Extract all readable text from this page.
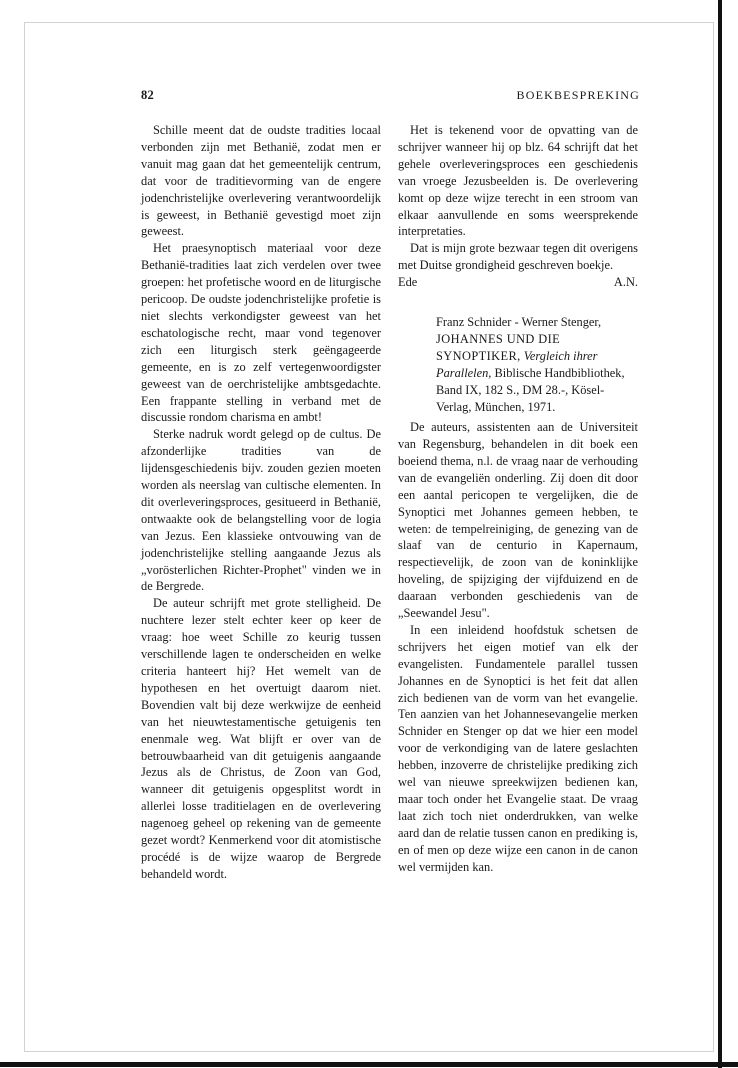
82	BOEKBESPREKING

Schille meent dat de oudste tradities locaal verbonden zijn met Bethanië, zodat men er vanuit mag gaan dat het gemeentelijk centrum, dat voor de traditievorming van de engere jodenchristelijke overlevering verantwoordelijk is geweest, in Bethanië gevestigd moet zijn geweest.

Het praesynoptisch materiaal voor deze Bethanië-tradities laat zich verdelen over twee groepen: het profetische woord en de liturgische pericoop. De oudste jodenchristelijke profetie is niet slechts verkondigster geweest van het eschatologische recht, maar vond tegenover zich een liturgisch sterk geëngageerde gemeente, en is zo zelf vertegenwoordigster geweest van de oerchristelijke ambtsgedachte. Een frappante stelling in verband met de discussie rondom charisma en ambt!

Sterke nadruk wordt gelegd op de cultus. De afzonderlijke tradities van de lijdensgeschiedenis bijv. zouden gezien moeten worden als neerslag van cultische elementen. In dit overleveringsproces, gesitueerd in Bethanië, ontwaakte ook de belangstelling voor de logia van Jezus. Een klassieke ontvouwing van de jodenchristelijke stelling aangaande Jezus als „vorösterlichen Richter-Prophet" vinden we in de Bergrede.

De auteur schrijft met grote stelligheid. De nuchtere lezer stelt echter keer op keer de vraag: hoe weet Schille zo keurig tussen verschillende lagen te onderscheiden en welke criteria hanteert hij? Het wemelt van de hypothesen en het overtuigt daarom niet. Bovendien valt bij deze werkwijze de eenheid van het nieuwtestamentische getuigenis ten enenmale weg. Wat blijft er over van de betrouwbaarheid van dit getuigenis aangaande Jezus als de Christus, de Zoon van God, wanneer dit getuigenis opgesplitst wordt in allerlei losse traditielagen en de overlevering nagenoeg geheel op rekening van de gemeente gezet wordt? Kenmerkend voor dit atomistische procédé is de wijze waarop de Bergrede behandeld wordt.

Het is tekenend voor de opvatting van de schrijver wanneer hij op blz. 64 schrijft dat het gehele overleveringsproces een geschiedenis van vroege Jezusbeelden is. De overlevering komt op deze wijze terecht in een stroom van elkaar aanvullende en soms weersprekende interpretaties.

Dat is mijn grote bezwaar tegen dit overigens met Duitse grondigheid geschreven boekje.

Ede	A.N.
Franz Schnider - Werner Stenger, JOHANNES UND DIE SYNOPTIKER, Vergleich ihrer Parallelen, Biblische Handbibliothek, Band IX, 182 S., DM 28.-, Kösel-Verlag, München, 1971.

De auteurs, assistenten aan de Universiteit van Regensburg, behandelen in dit boek een boeiend thema, n.l. de vraag naar de verhouding van de evangeliën onderling. Zij doen dit door een aantal pericopen te vergelijken, die de Synoptici met Johannes gemeen hebben, te weten: de tempelreiniging, de genezing van de slaaf van de centurio in Kapernaum, respectievelijk, de zoon van de koninklijke hoveling, de spijziging der vijfduizend en de daaraan verbonden geschiedenis van de „Seewandel Jesu".

In een inleidend hoofdstuk schetsen de schrijvers het eigen motief van elk der evangelisten. Fundamentele parallel tussen Johannes en de Synoptici is het feit dat allen zich bedienen van de vorm van het evangelie. Ten aanzien van het Johannesevangelie merken Schnider en Stenger op dat we hier een model voor de verkondiging van de latere geslachten hebben, inzoverre de christelijke prediking zich wel van nieuwe spreekwijzen bedienen kan, maar toch onder het Evangelie staat. De vraag laat zich toch niet onderdrukken, van welke aard dan de relatie tussen canon en prediking is, en of men op deze wijze een canon in de canon wel vermijden kan.
